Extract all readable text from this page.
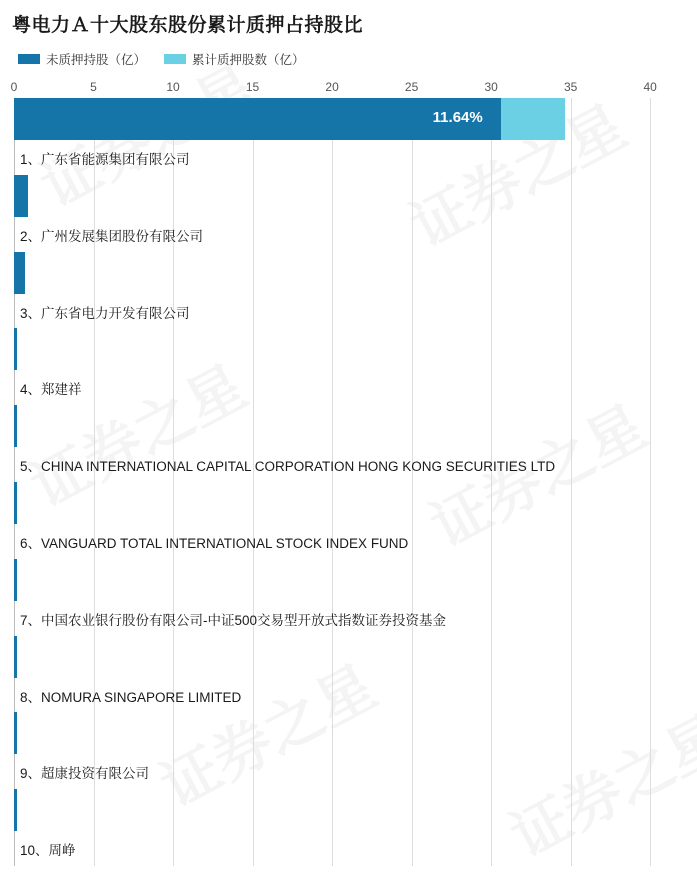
粤电力Ａ十大股东股份累计质押占持股比
未质押持股（亿）	累计质押股数（亿）
0	5	10	15	20	25	30	35	40
11.64%
1、广东省能源集团有限公司
2、广州发展集团股份有限公司
3、广东省电力开发有限公司
4、郑建祥
5、CHINA INTERNATIONAL CAPITAL CORPORATION HONG KONG SECURITIES LTD
6、VANGUARD TOTAL INTERNATIONAL STOCK INDEX FUND
7、中国农业银行股份有限公司-中证500交易型开放式指数证券投资基金
8、NOMURA SINGAPORE LIMITED
9、超康投资有限公司
10、周峥
